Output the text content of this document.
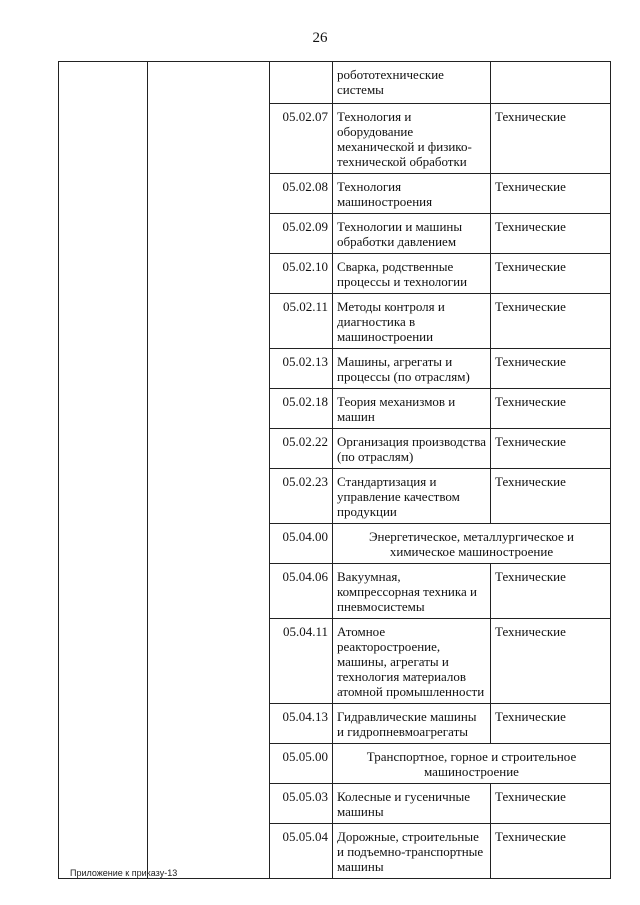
26
			робототехнические системы	
		05.02.07	Технология и оборудование механической и физико-технической обработки	Технические
		05.02.08	Технология машиностроения	Технические
		05.02.09	Технологии и машины обработки давлением	Технические
		05.02.10	Сварка, родственные процессы и технологии	Технические
		05.02.11	Методы контроля и диагностика в машиностроении	Технические
		05.02.13	Машины, агрегаты и процессы (по отраслям)	Технические
		05.02.18	Теория механизмов и машин	Технические
		05.02.22	Организация производства (по отраслям)	Технические
		05.02.23	Стандартизация и управление качеством продукции	Технические
		05.04.00	Энергетическое, металлургическое и химическое машиностроение	
		05.04.06	Вакуумная, компрессорная техника и пневмосистемы	Технические
		05.04.11	Атомное реакторостроение, машины, агрегаты и технология материалов атомной промышленности	Технические
		05.04.13	Гидравлические машины и гидропневмоагрегаты	Технические
		05.05.00	Транспортное, горное и строительное машиностроение	
		05.05.03	Колесные и гусеничные машины	Технические
		05.05.04	Дорожные, строительные и подъемно-транспортные машины	Технические
Приложение к приказу-13
